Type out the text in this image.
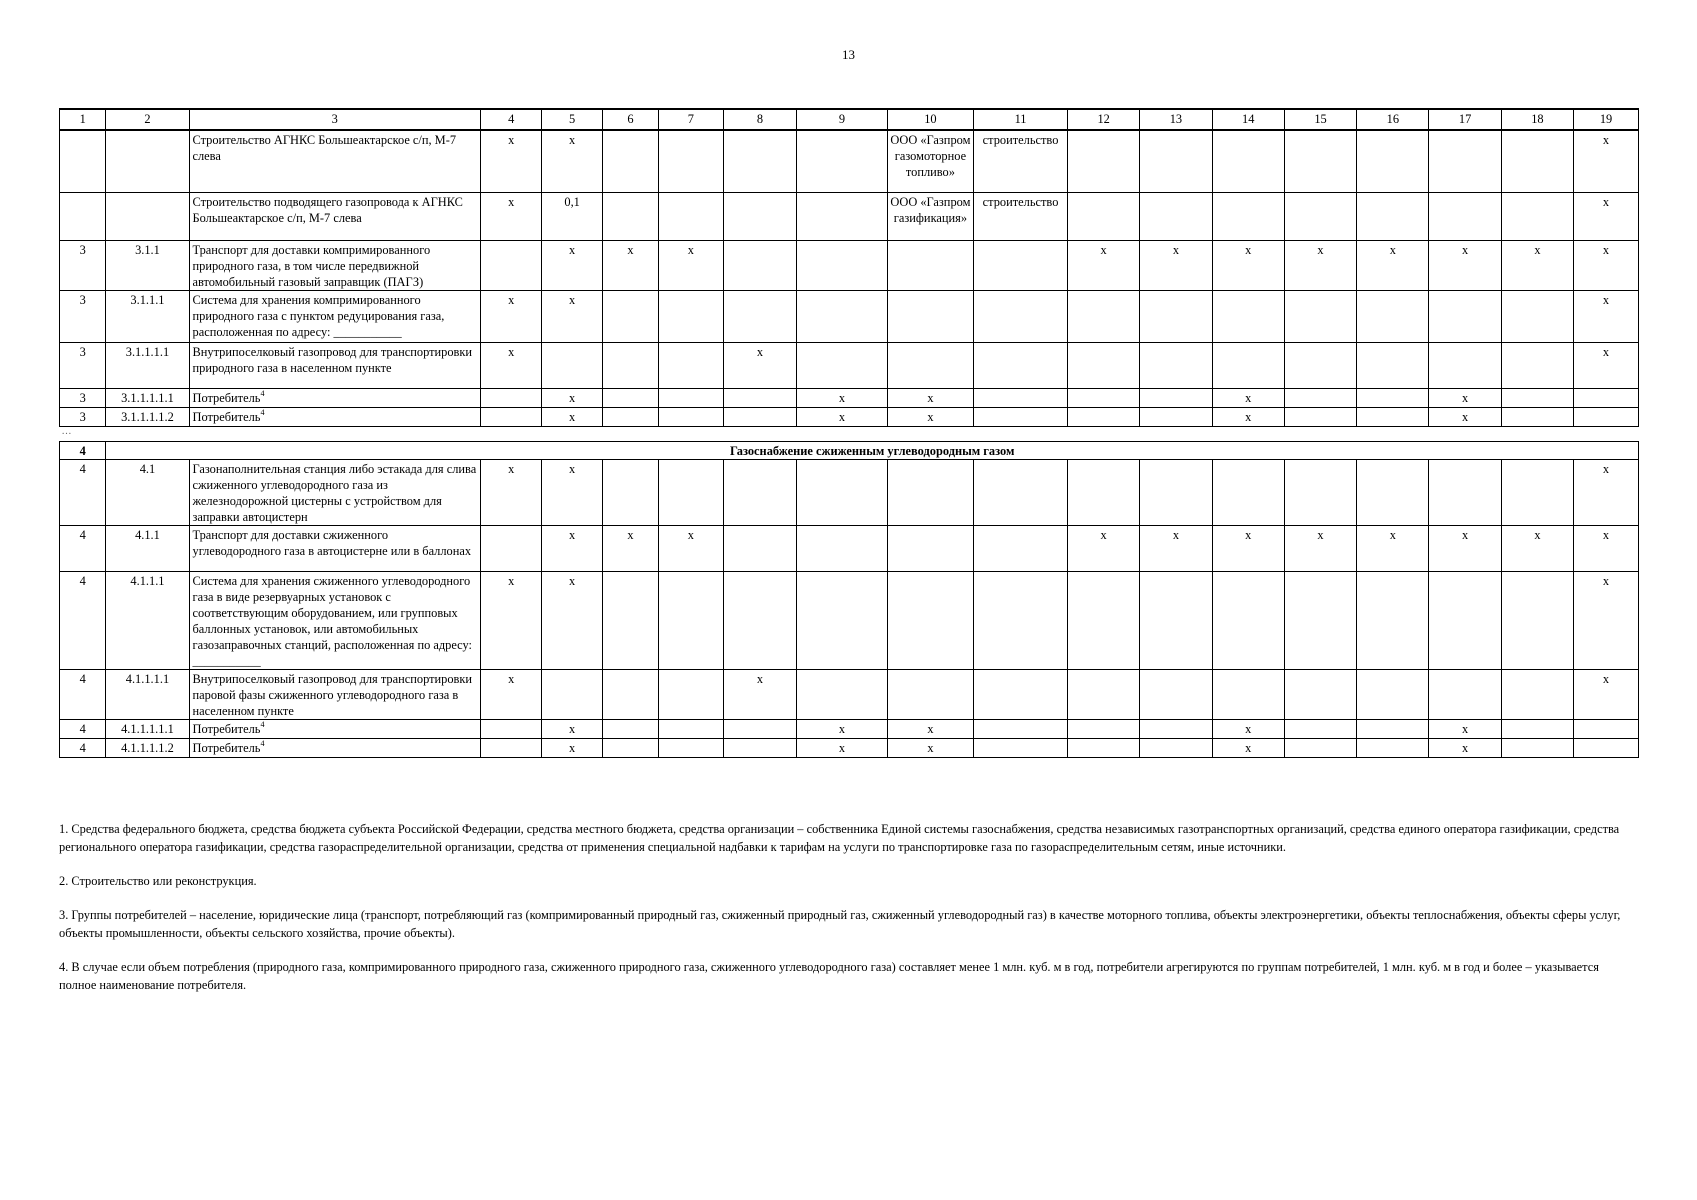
13
1	2	3	4	5	6	7	8	9	10	11	12	13	14	15	16	17	18	19
		Строительство АГНКС Большеактарское с/п, М-7 слева	х	х					ООО «Газпром газомоторное топливо»	строительство								х
		Строительство подводящего газопровода к АГНКС Большеактарское с/п, М-7 слева	х	0,1					ООО «Газпром газификация»	строительство								х
3	3.1.1	Транспорт для доставки компримированного природного газа, в том числе передвижной автомобильный газовый заправщик (ПАГЗ)		х	х	х					х	х	х	х	х	х	х	х
3	3.1.1.1	Система для хранения компримированного природного газа с пунктом редуцирования газа, расположенная по адресу: ___________	х	х														х
3	3.1.1.1.1	Внутрипоселковый газопровод для транспортировки природного газа в населенном пункте	х				х											х
3	3.1.1.1.1.1	Потребитель$^4$		х				х	х				х			х		
3	3.1.1.1.1.2	Потребитель$^4$		х				х	х				х			х		
…																		
4	Газоснабжение сжиженным углеводородным газом																	
4	4.1	Газонаполнительная станция либо эстакада для слива сжиженного углеводородного газа из железнодорожной цистерны с устройством для заправки автоцистерн	х	х														х
4	4.1.1	Транспорт для доставки сжиженного углеводородного газа в автоцистерне или в баллонах		х	х	х					х	х	х	х	х	х	х	х
4	4.1.1.1	Система для хранения сжиженного углеводородного газа в виде резервуарных установок с соответствующим оборудованием, или групповых баллонных установок, или автомобильных газозаправочных станций, расположенная по адресу: ___________	х	х														х
4	4.1.1.1.1	Внутрипоселковый газопровод для транспортировки паровой фазы сжиженного углеводородного газа в населенном пункте	х				х											х
4	4.1.1.1.1.1	Потребитель$^4$		х				х	х				х			х		
4	4.1.1.1.1.2	Потребитель$^4$		х				х	х				х			х		

1. Средства федерального бюджета, средства бюджета субъекта Российской Федерации, средства местного бюджета, средства организации – собственника Единой системы газоснабжения, средства независимых газотранспортных организаций, средства единого оператора газификации, средства регионального оператора газификации, средства газораспределительной организации, средства от применения специальной надбавки к тарифам на услуги по транспортировке газа по газораспределительным сетям, иные источники.

2. Строительство или реконструкция.

3. Группы потребителей – население, юридические лица (транспорт, потребляющий газ (компримированный природный газ, сжиженный природный газ, сжиженный углеводородный газ) в качестве моторного топлива, объекты электроэнергетики, объекты теплоснабжения, объекты сферы услуг, объекты промышленности, объекты сельского хозяйства, прочие объекты).

4. В случае если объем потребления (природного газа, компримированного природного газа, сжиженного природного газа, сжиженного углеводородного газа) составляет менее 1 млн. куб. м в год, потребители агрегируются по группам потребителей, 1 млн. куб. м в год и более – указывается полное наименование потребителя.
